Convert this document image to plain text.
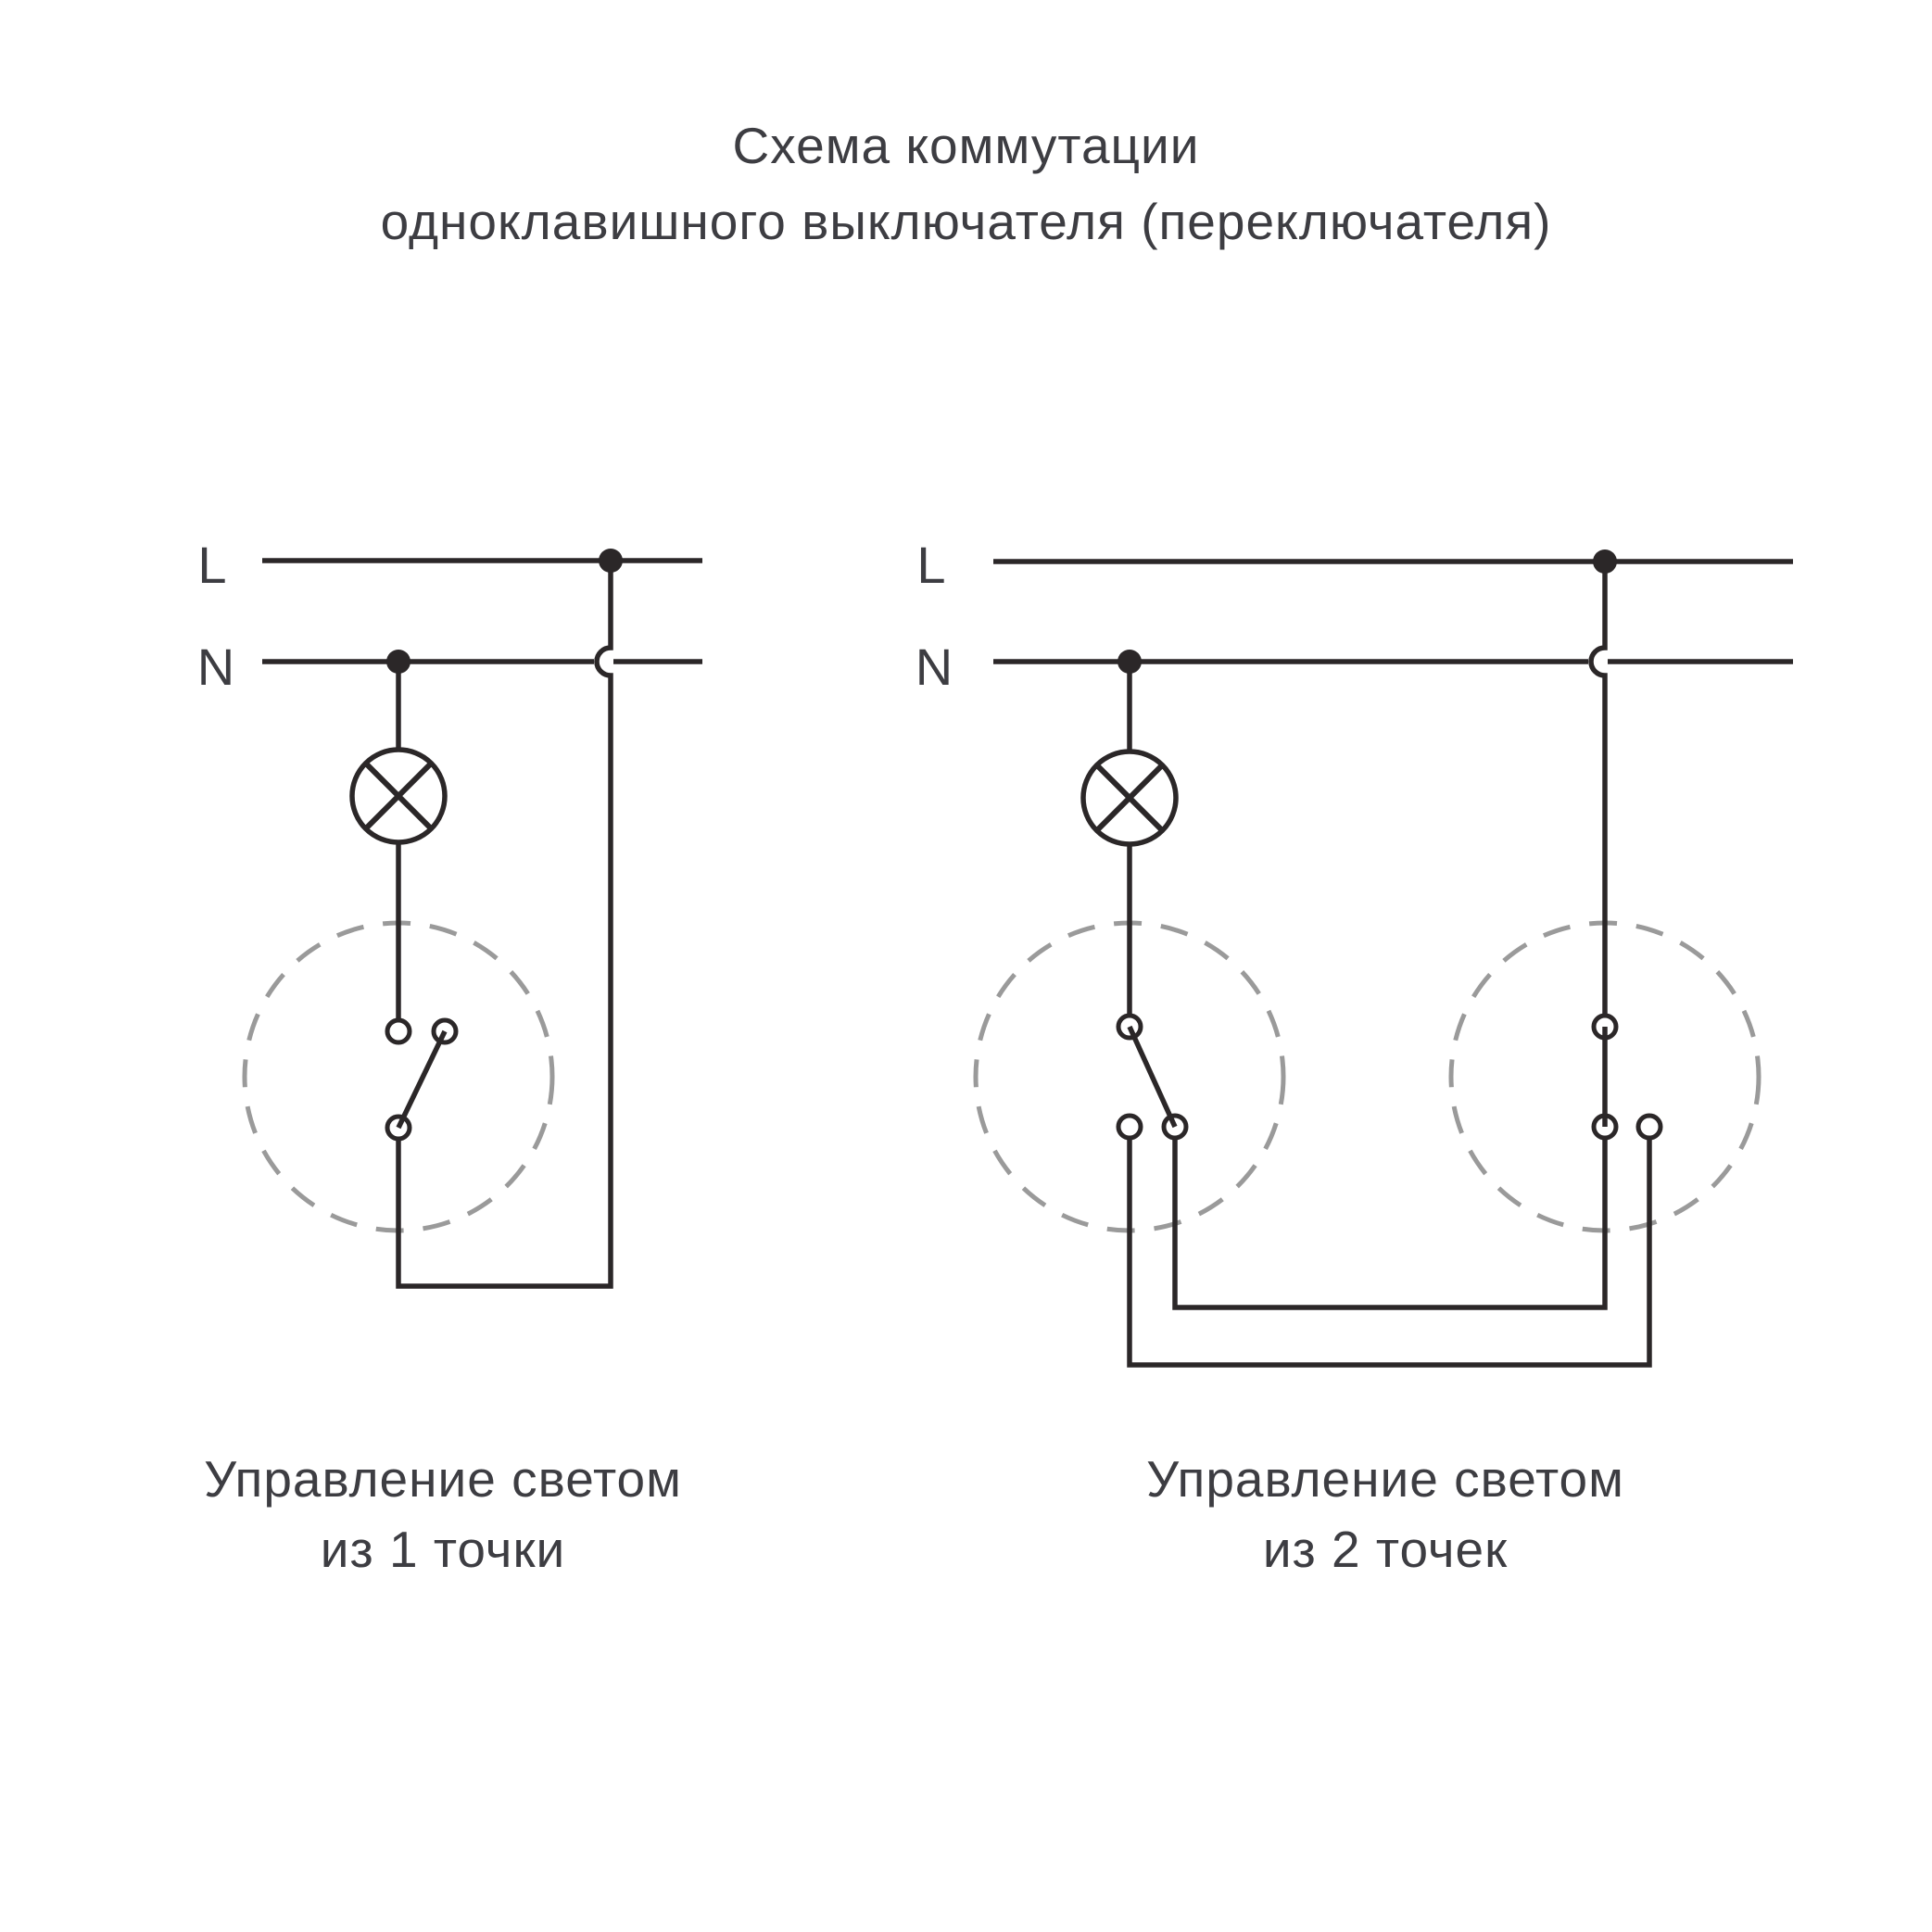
Схема коммутации
одноклавишного выключателя (переключателя)
L
N
L
N
Управление светом
из 1 точки
Управление светом
из 2 точек
